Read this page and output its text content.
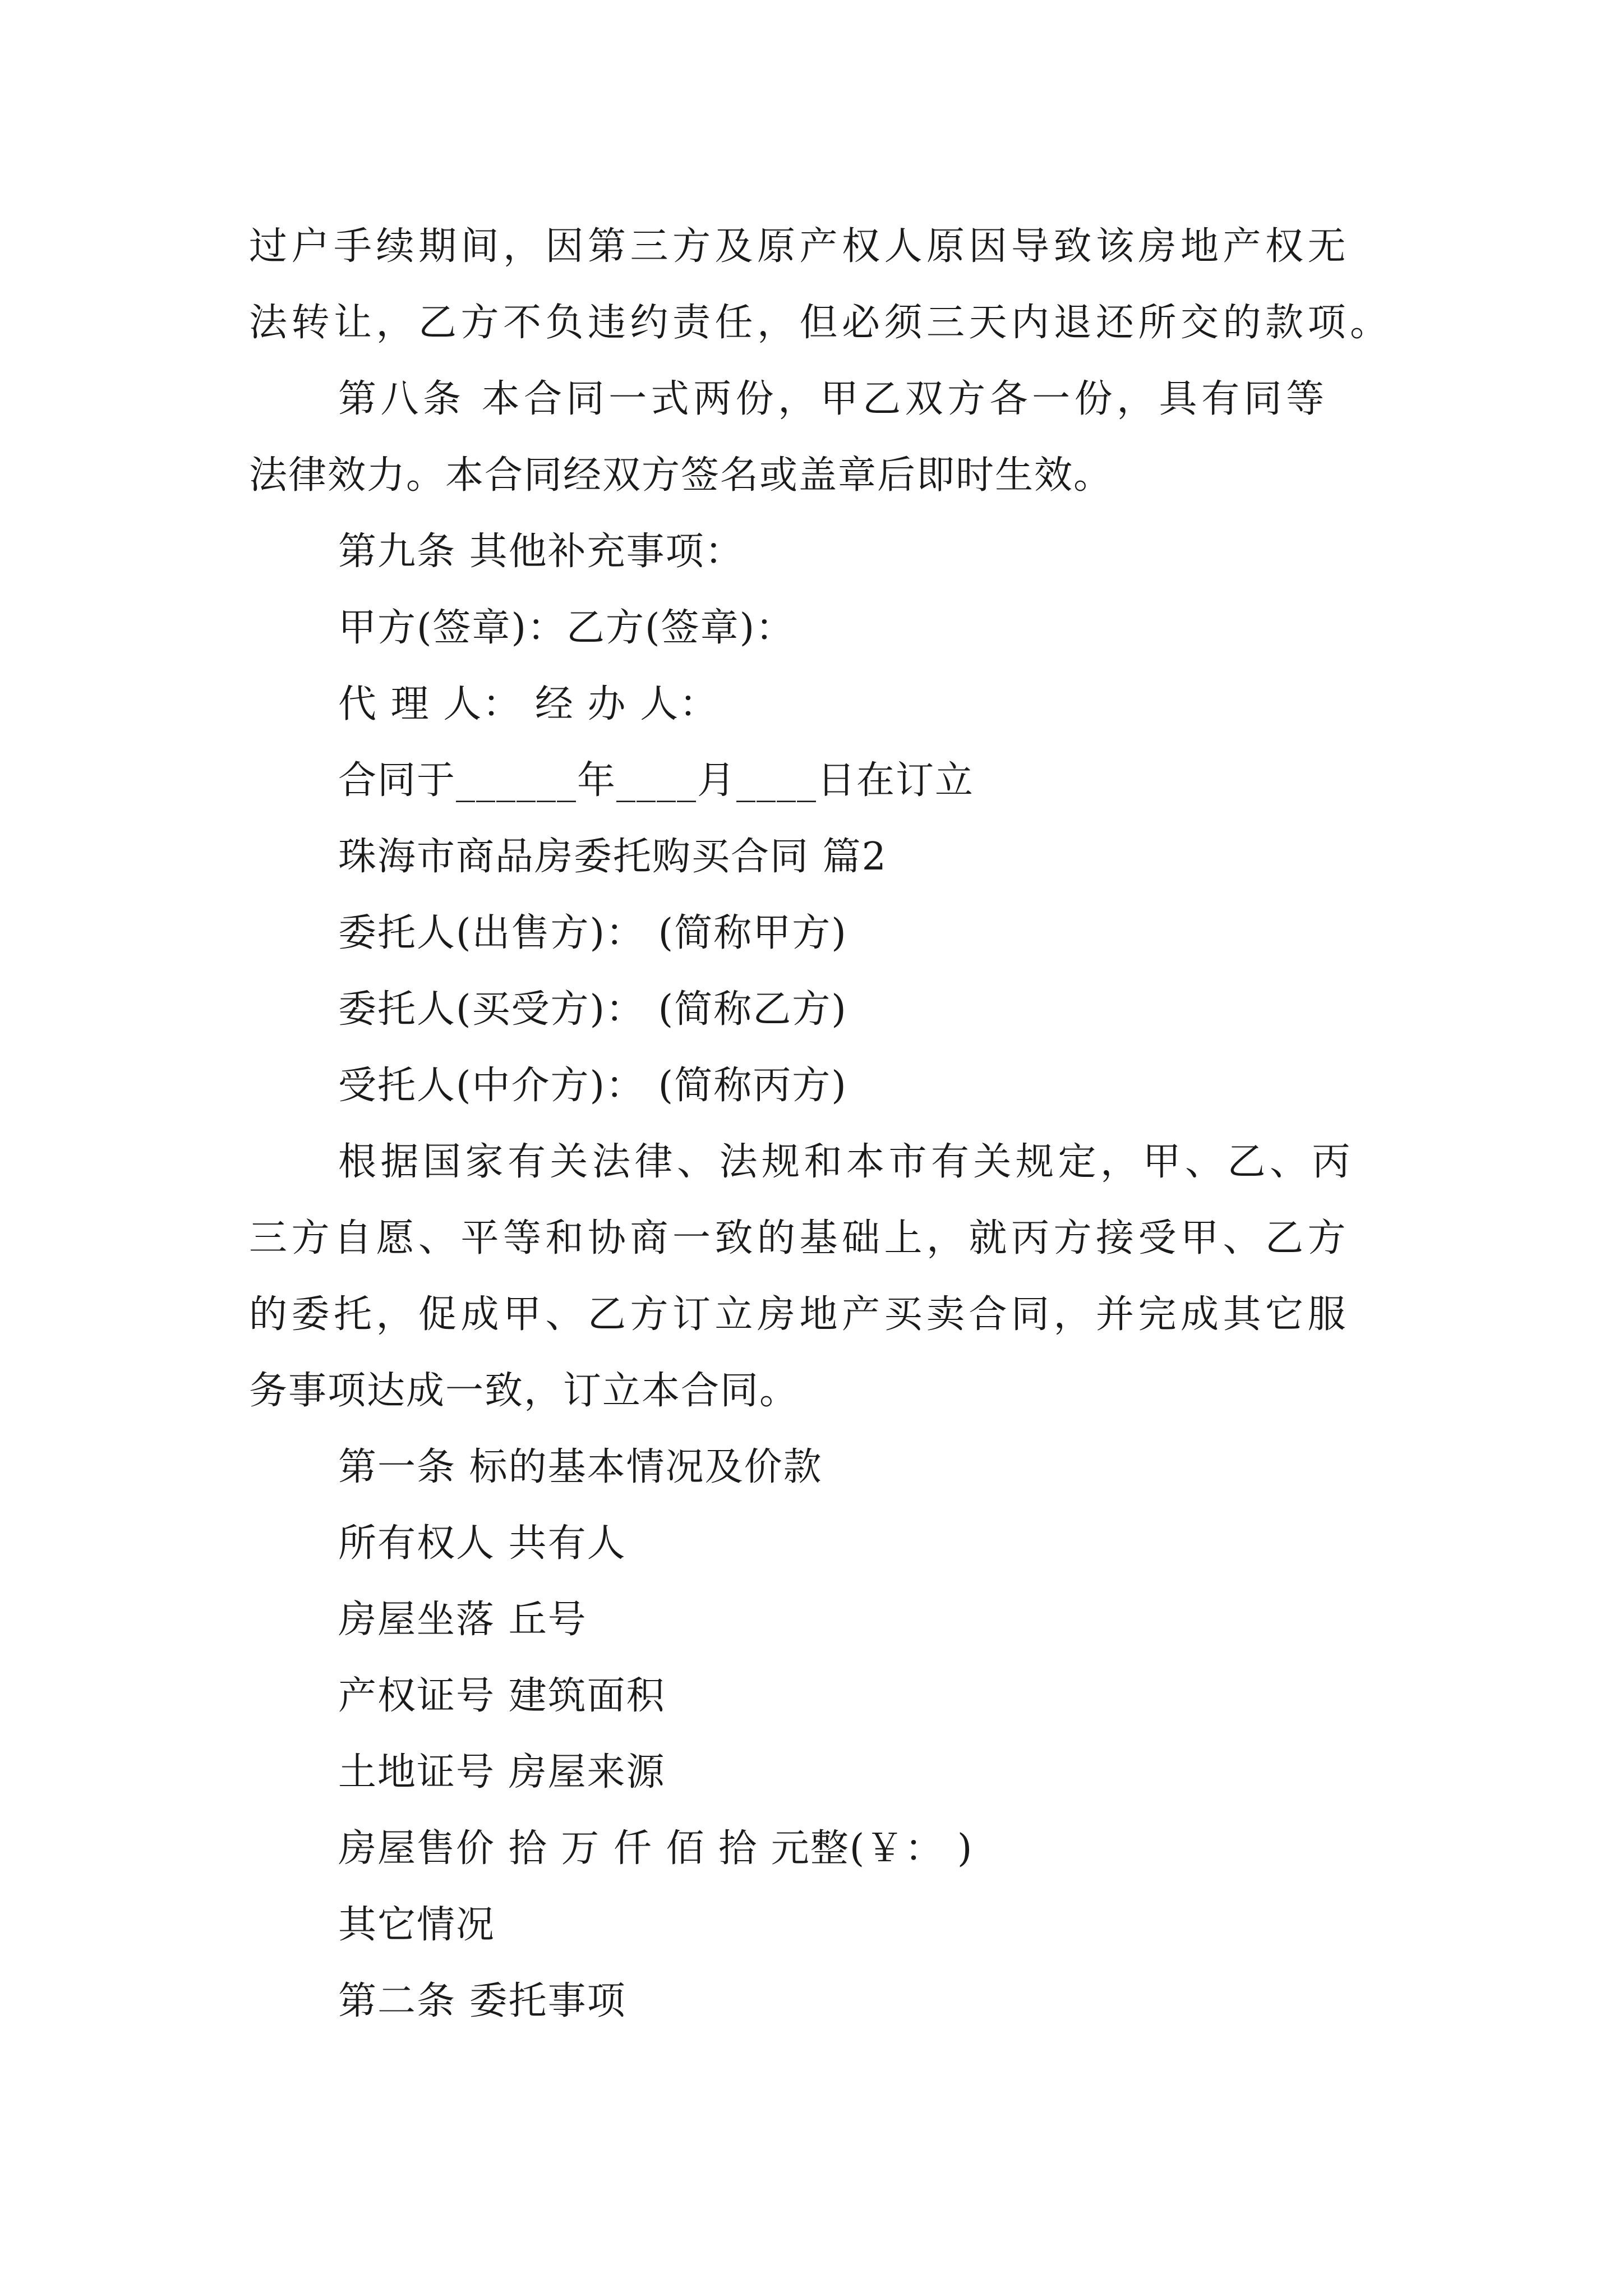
过户手续期间，因第三方及原产权人原因导致该房地产权无
法转让，乙方不负违约责任，但必须三天内退还所交的款项。
第八条 本合同一式两份，甲乙双方各一份，具有同等
法律效力。本合同经双方签名或盖章后即时生效。
第九条 其他补充事项：
甲方(签章)：乙方(签章)：
代 理 人： 经 办 人：
合同于______年____月____日在订立
珠海市商品房委托购买合同 篇2
委托人(出售方)： (简称甲方)
委托人(买受方)： (简称乙方)
受托人(中介方)： (简称丙方)
根据国家有关法律、法规和本市有关规定，甲、乙、丙
三方自愿、平等和协商一致的基础上，就丙方接受甲、乙方
的委托，促成甲、乙方订立房地产买卖合同，并完成其它服
务事项达成一致，订立本合同。
第一条 标的基本情况及价款
所有权人 共有人
房屋坐落 丘号
产权证号 建筑面积
土地证号 房屋来源
房屋售价 拾 万 仟 佰 拾 元整(￥： )
其它情况
第二条 委托事项
